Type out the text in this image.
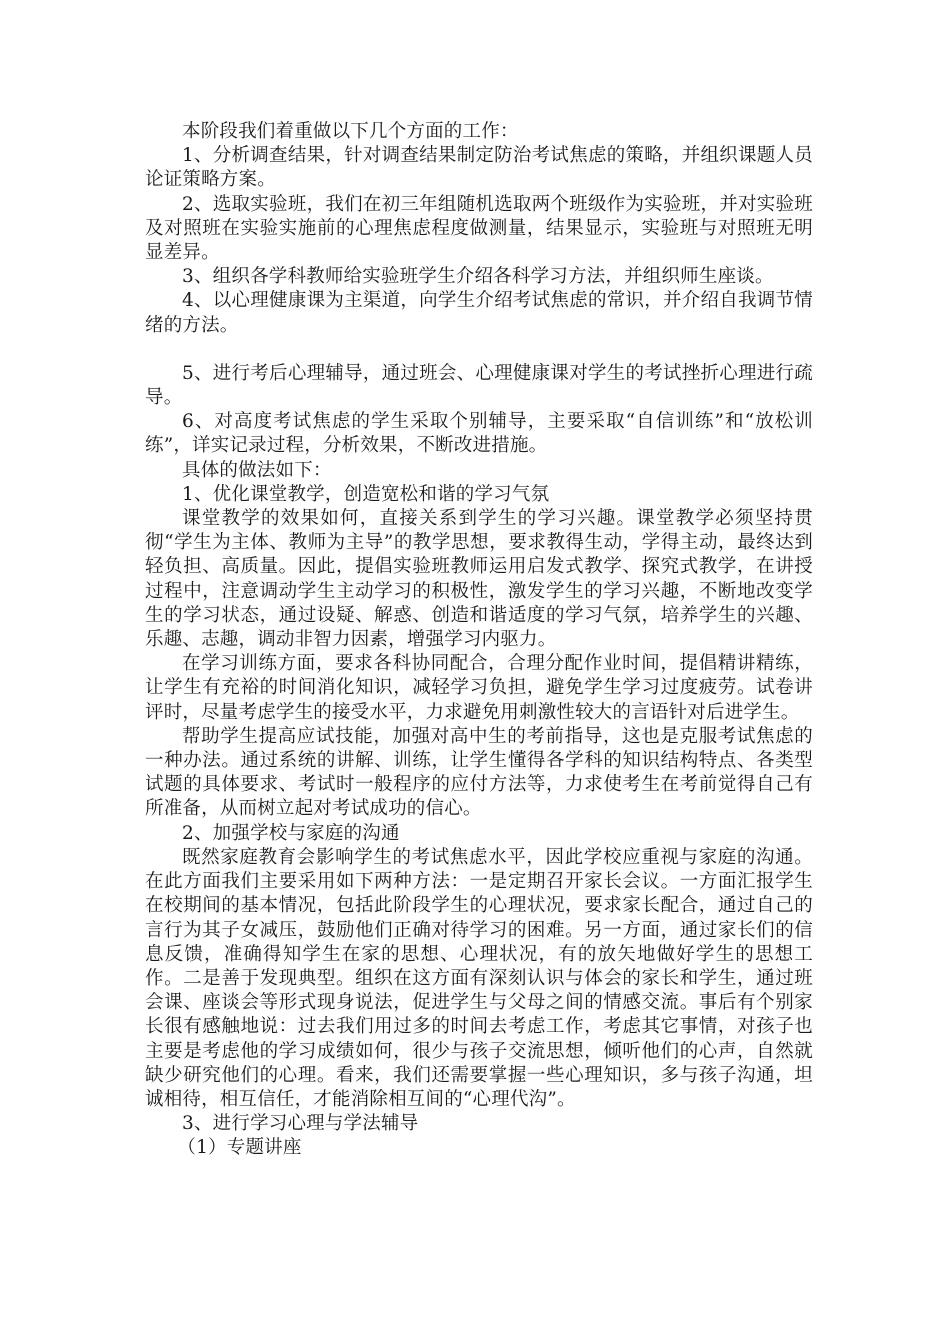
本阶段我们着重做以下几个方面的工作：

1、分析调查结果，针对调查结果制定防治考试焦虑的策略，并组织课题人员论证策略方案。

2、选取实验班，我们在初三年组随机选取两个班级作为实验班，并对实验班及对照班在实验实施前的心理焦虑程度做测量，结果显示，实验班与对照班无明显差异。

3、组织各学科教师给实验班学生介绍各科学习方法，并组织师生座谈。

4、以心理健康课为主渠道，向学生介绍考试焦虑的常识，并介绍自我调节情绪的方法。

5、进行考后心理辅导，通过班会、心理健康课对学生的考试挫折心理进行疏导。

6、对高度考试焦虑的学生采取个别辅导，主要采取“自信训练”和“放松训练”，详实记录过程，分析效果，不断改进措施。

具体的做法如下：

1、优化课堂教学，创造宽松和谐的学习气氛

课堂教学的效果如何，直接关系到学生的学习兴趣。课堂教学必须坚持贯彻“学生为主体、教师为主导”的教学思想，要求教得生动，学得主动，最终达到轻负担、高质量。因此，提倡实验班教师运用启发式教学、探究式教学，在讲授过程中，注意调动学生主动学习的积极性，激发学生的学习兴趣，不断地改变学生的学习状态，通过设疑、解惑、创造和谐适度的学习气氛，培养学生的兴趣、乐趣、志趣，调动非智力因素，增强学习内驱力。

在学习训练方面，要求各科协同配合，合理分配作业时间，提倡精讲精练，让学生有充裕的时间消化知识，减轻学习负担，避免学生学习过度疲劳。试卷讲评时，尽量考虑学生的接受水平，力求避免用刺激性较大的言语针对后进学生。

帮助学生提高应试技能，加强对高中生的考前指导，这也是克服考试焦虑的一种办法。通过系统的讲解、训练，让学生懂得各学科的知识结构特点、各类型试题的具体要求、考试时一般程序的应付方法等，力求使考生在考前觉得自己有所准备，从而树立起对考试成功的信心。

2、加强学校与家庭的沟通

既然家庭教育会影响学生的考试焦虑水平，因此学校应重视与家庭的沟通。在此方面我们主要采用如下两种方法：一是定期召开家长会议。一方面汇报学生在校期间的基本情况，包括此阶段学生的心理状况，要求家长配合，通过自己的言行为其子女减压，鼓励他们正确对待学习的困难。另一方面，通过家长们的信息反馈，准确得知学生在家的思想、心理状况，有的放矢地做好学生的思想工作。二是善于发现典型。组织在这方面有深刻认识与体会的家长和学生，通过班会课、座谈会等形式现身说法，促进学生与父母之间的情感交流。事后有个别家长很有感触地说：过去我们用过多的时间去考虑工作，考虑其它事情，对孩子也主要是考虑他的学习成绩如何，很少与孩子交流思想，倾听他们的心声，自然就缺少研究他们的心理。看来，我们还需要掌握一些心理知识，多与孩子沟通，坦诚相待，相互信任，才能消除相互间的“心理代沟”。

3、进行学习心理与学法辅导

（1）专题讲座
